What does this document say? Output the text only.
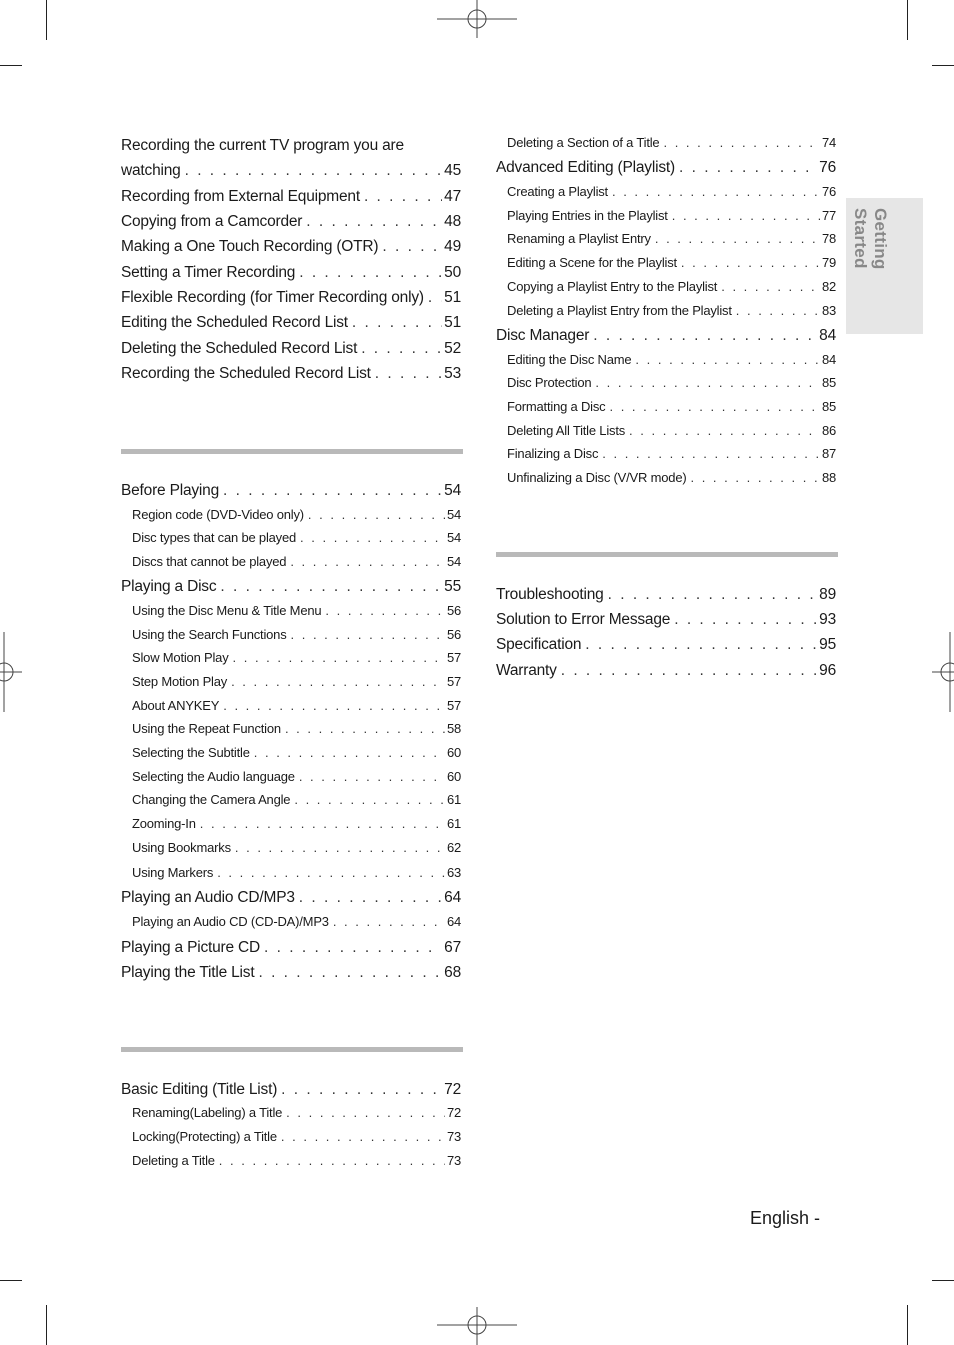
Getting Started
Recording the current TV program you are
watching . . .	45
Recording from External Equipment . . .	47
Copying from a Camcorder . . .	48
Making a One Touch Recording (OTR) . . .	49
Setting a Timer Recording . . .	50
Flexible Recording (for Timer Recording only) . . . 51
Editing the Scheduled Record List . . .	51
Deleting the Scheduled Record List . . .	52
Recording the Scheduled Record List . . .	53
Before Playing . . .	54
Region code (DVD-Video only) . . .	54
Disc types that can be played . . .	54
Discs that cannot be played . . .	54
Playing a Disc . . .	55
Using the Disc Menu & Title Menu . . .	56
Using the Search Functions . . .	56
Slow Motion Play . . .	57
Step Motion Play . . .	57
About ANYKEY . . .	57
Using the Repeat Function . . .	58
Selecting the Subtitle . . .	60
Selecting the Audio language . . .	60
Changing the Camera Angle . . .	61
Zooming-In . . .	61
Using Bookmarks . . .	62
Using Markers . . .	63
Playing an Audio CD/MP3 . . .	64
Playing an Audio CD (CD-DA)/MP3 . . .	64
Playing a Picture CD . . .	67
Playing the Title List . . .	68
Basic Editing (Title List) . . .	72
Renaming(Labeling) a Title . . .	72
Locking(Protecting) a Title . . .	73
Deleting a Title . . .	73
Deleting a Section of a Title . . .	74
Advanced Editing (Playlist) . . .	76
Creating a Playlist . . .	76
Playing Entries in the Playlist . . .	77
Renaming a Playlist Entry . . .	78
Editing a Scene for the Playlist . . .	79
Copying a Playlist Entry to the Playlist . . .	82
Deleting a Playlist Entry from the Playlist . . .	83
Disc Manager . . .	84
Editing the Disc Name . . .	84
Disc Protection . . .	85
Formatting a Disc . . .	85
Deleting All Title Lists . . .	86
Finalizing a Disc . . .	87
Unfinalizing a Disc (V/VR mode) . . .	88
Troubleshooting . . .	89
Solution to Error Message . . .	93
Specification . . .	95
Warranty . . .	96
English -
